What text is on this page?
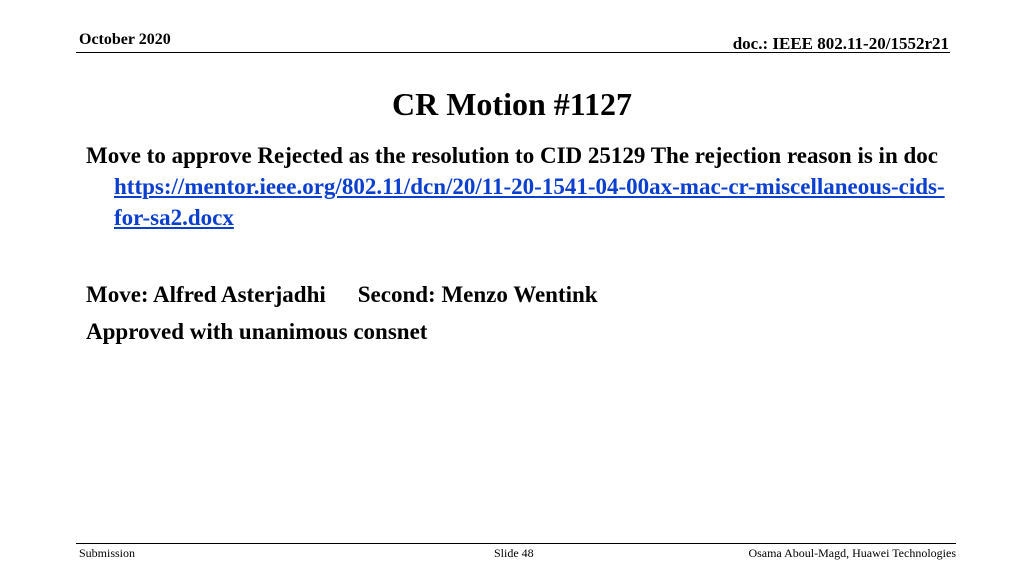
October 2020	doc.: IEEE 802.11-20/1552r21
CR Motion #1127

Move to approve Rejected as the resolution to CID 25129 The rejection reason is in doc https://mentor.ieee.org/802.11/dcn/20/11-20-1541-04-00ax-mac-cr-miscellaneous-cids-for-sa2.docx

Move: Alfred Asterjadhi Second: Menzo Wentink

Approved with unanimous consnet

Submission	Slide 48	Osama Aboul-Magd, Huawei Technologies
